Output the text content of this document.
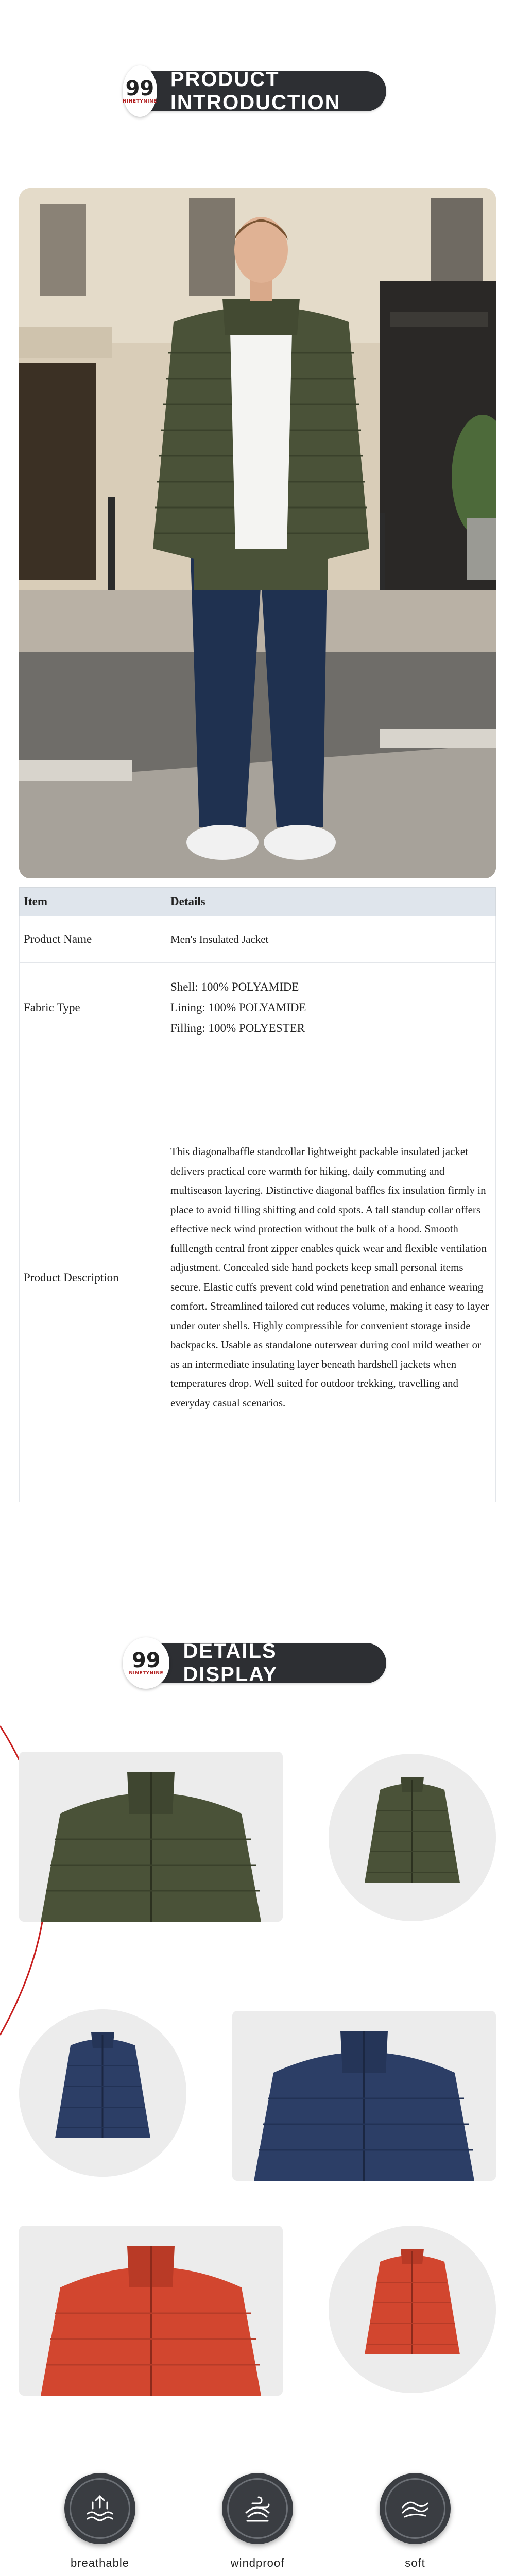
99
NINETYNINE
PRODUCT INTRODUCTION
Item	Details
Product Name	Men's Insulated Jacket
Fabric Type	Shell: 100% POLYAMIDE
Lining: 100% POLYAMIDE
Filling: 100% POLYESTER

Product Description	This diagonalbaffle standcollar lightweight packable insulated jacket delivers practical core warmth for hiking, daily commuting and multiseason layering. Distinctive diagonal baffles fix insulation firmly in place to avoid filling shifting and cold spots. A tall standup collar offers effective neck wind protection without the bulk of a hood. Smooth fulllength central front zipper enables quick wear and flexible ventilation adjustment. Concealed side hand pockets keep small personal items secure. Elastic cuffs prevent cold wind penetration and enhance wearing comfort. Streamlined tailored cut reduces volume, making it easy to layer under outer shells. Highly compressible for convenient storage inside backpacks. Usable as standalone outerwear during cool mild weather or as an intermediate insulating layer beneath hardshell jackets when temperatures drop. Well suited for outdoor trekking, travelling and everyday casual scenarios.
99
NINETYNINE
DETAILS DISPLAY
breathable	windproof	soft
